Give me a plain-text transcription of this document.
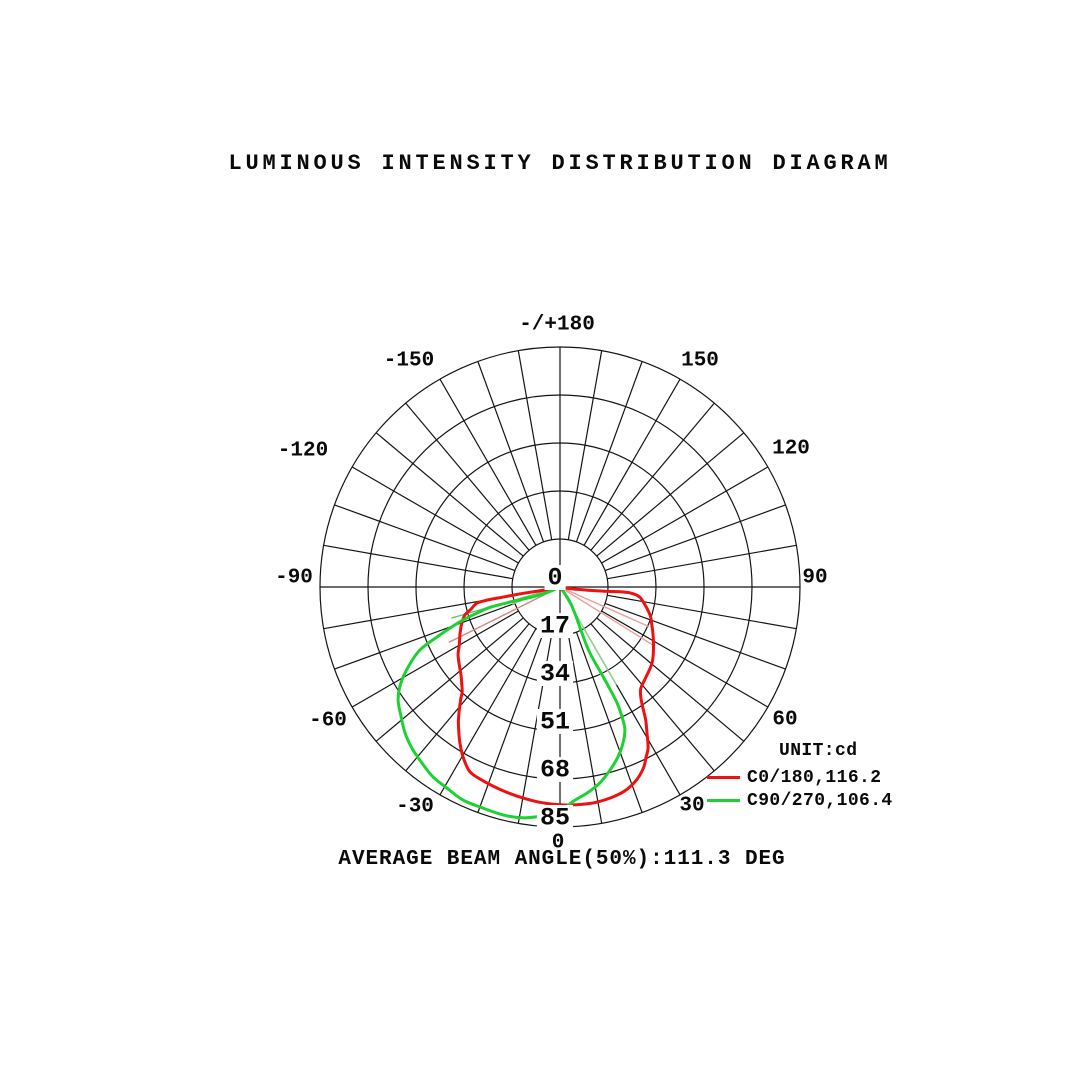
LUMINOUS INTENSITY DISTRIBUTION DIAGRAM
0
17
34
51
68
85
-/+180
-150
-120
-90
-60
-30
0
30
60
90
120
150
UNIT:cd
C0/180,116.2
C90/270,106.4
AVERAGE BEAM ANGLE(50%):111.3 DEG
